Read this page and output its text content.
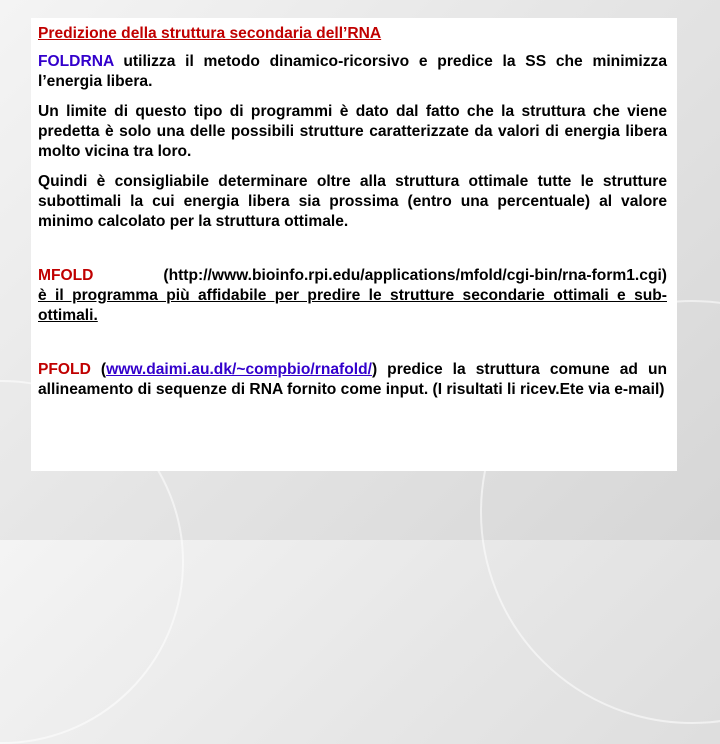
Predizione della struttura secondaria dell’RNA

FOLDRNA utilizza il metodo dinamico-ricorsivo e predice la SS che minimizza l’energia libera.

Un limite di questo tipo di programmi è dato dal fatto che la struttura che viene predetta è solo una delle possibili strutture caratterizzate da valori di energia libera molto vicina tra loro.

Quindi è consigliabile determinare oltre alla struttura ottimale tutte le strutture subottimali la cui energia libera sia prossima (entro una percentuale) al valore minimo calcolato per la struttura ottimale.

MFOLD	(http://www.bioinfo.rpi.edu/applications/mfold/cgi-bin/rna-form1.cgi) è il programma più affidabile per predire le strutture secondarie ottimali e sub-ottimali.

PFOLD (www.daimi.au.dk/~compbio/rnafold/) predice la struttura comune ad un allineamento di sequenze di RNA fornito come input. (I risultati li ricev.Ete via e-mail)
